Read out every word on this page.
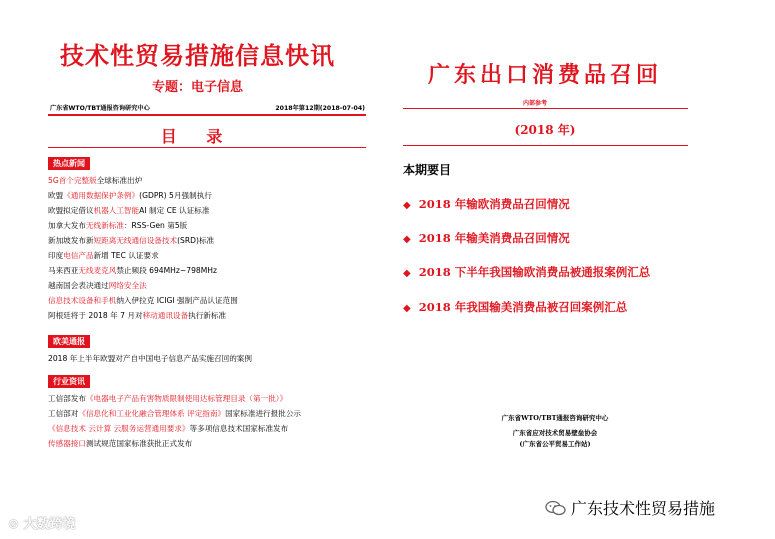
技术性贸易措施信息快讯
专题：电子信息
广东省WTO/TBT通报咨询研究中心	2018年第12期(2018-07-04)
目 录
热点新闻
5G首个完整版全球标准出炉
欧盟《通用数据保护条例》(GDPR) 5月强制执行
欧盟拟定借议机器人工智能AI 制定 CE 认证标准
加拿大发布无线新标准：RSS-Gen 第5版
新加坡发布新短距离无线通信设备技术(SRD)标准
印度电信产品新增 TEC 认证要求
马来西亚无线麦克风禁止频段 694MHz~798MHz
越南国会表决通过网络安全法
信息技术设备和手机纳入伊拉克 ICIGI 强制产品认证范围
阿根廷将于 2018 年 7 月对移动通讯设备执行新标准
欧美通报
2018 年上半年欧盟对产自中国电子信息产品实施召回的案例
行业资讯
工信部发布《电器电子产品有害物质限制使用达标管理目录（第一批）》
工信部对《信息化和工业化融合管理体系 评定指南》国家标准进行报批公示
《信息技术 云计算 云服务运营通用要求》等多项信息技术国家标准发布
传感器接口测试规范国家标准获批正式发布
广东出口消费品召回
内部参考
(2018 年)
本期要目
◆ 2018 年输欧消费品召回情况
◆ 2018 年输美消费品召回情况
◆ 2018 下半年我国输欧消费品被通报案例汇总
◆ 2018 年我国输美消费品被召回案例汇总
广东省WTO/TBT通报咨询研究中心
广东省应对技术贸易壁垒协会
(广东省公平贸易工作站)
⊘ 大数跨境
广东技术性贸易措施
